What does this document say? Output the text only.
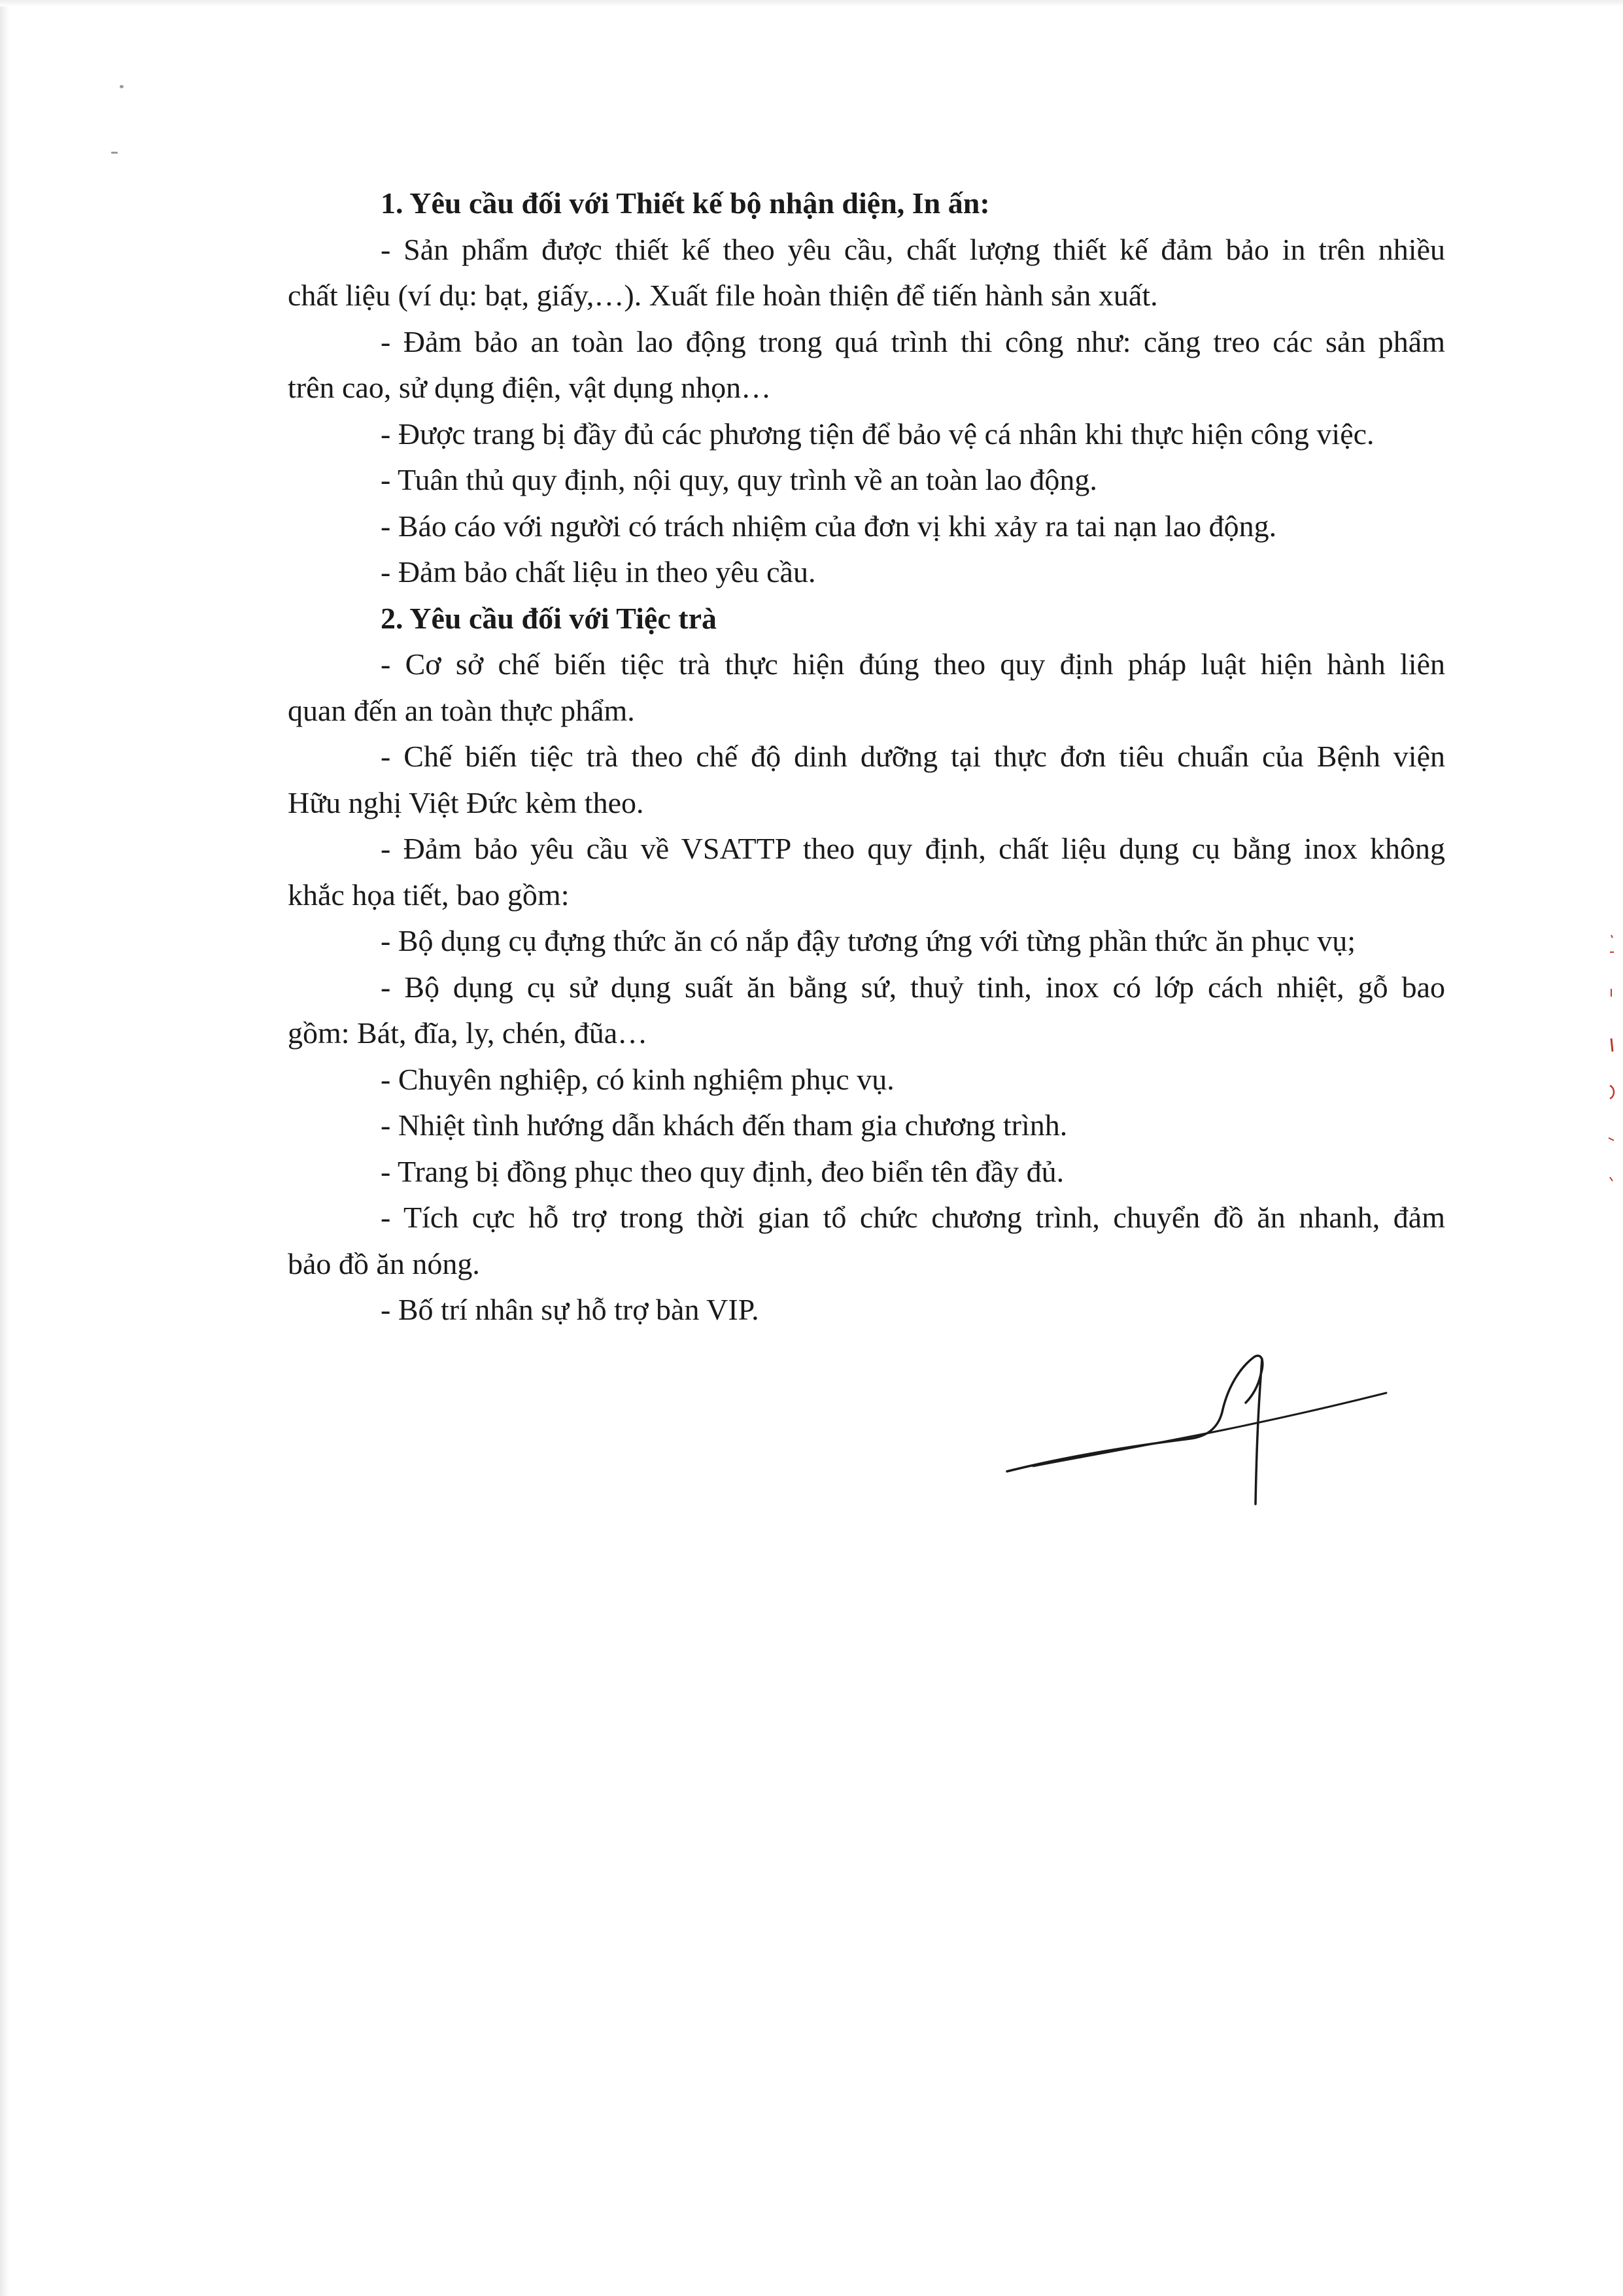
1. Yêu cầu đối với Thiết kế bộ nhận diện, In ấn:
- Sản phẩm được thiết kế theo yêu cầu, chất lượng thiết kế đảm bảo in trên nhiều
chất liệu (ví dụ: bạt, giấy,…). Xuất file hoàn thiện để tiến hành sản xuất.
- Đảm bảo an toàn lao động trong quá trình thi công như: căng treo các sản phẩm
trên cao, sử dụng điện, vật dụng nhọn…
- Được trang bị đầy đủ các phương tiện để bảo vệ cá nhân khi thực hiện công việc.
- Tuân thủ quy định, nội quy, quy trình về an toàn lao động.
- Báo cáo với người có trách nhiệm của đơn vị khi xảy ra tai nạn lao động.
- Đảm bảo chất liệu in theo yêu cầu.
2. Yêu cầu đối với Tiệc trà
- Cơ sở chế biến tiệc trà thực hiện đúng theo quy định pháp luật hiện hành liên
quan đến an toàn thực phẩm.
- Chế biến tiệc trà theo chế độ dinh dưỡng tại thực đơn tiêu chuẩn của Bệnh viện
Hữu nghị Việt Đức kèm theo.
- Đảm bảo yêu cầu về VSATTP theo quy định, chất liệu dụng cụ bằng inox không
khắc họa tiết, bao gồm:
- Bộ dụng cụ đựng thức ăn có nắp đậy tương ứng với từng phần thức ăn phục vụ;
- Bộ dụng cụ sử dụng suất ăn bằng sứ, thuỷ tinh, inox có lớp cách nhiệt, gỗ bao
gồm: Bát, đĩa, ly, chén, đũa…
- Chuyên nghiệp, có kinh nghiệm phục vụ.
- Nhiệt tình hướng dẫn khách đến tham gia chương trình.
- Trang bị đồng phục theo quy định, đeo biển tên đầy đủ.
- Tích cực hỗ trợ trong thời gian tổ chức chương trình, chuyển đồ ăn nhanh, đảm
bảo đồ ăn nóng.
- Bố trí nhân sự hỗ trợ bàn VIP.
